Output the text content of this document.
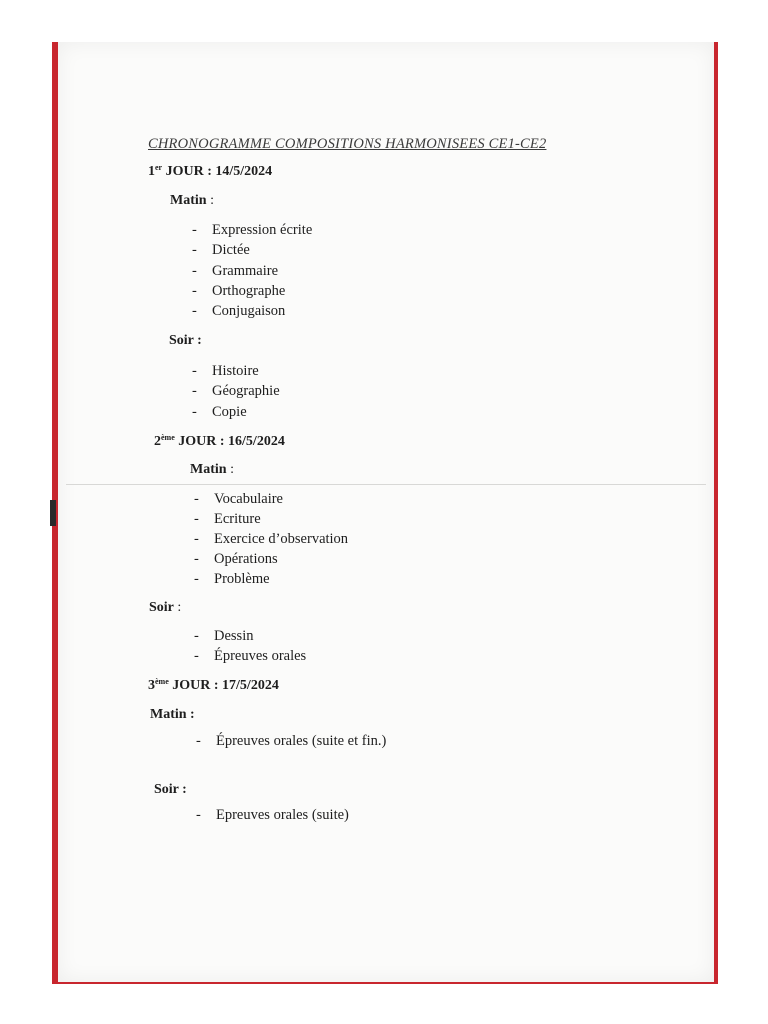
CHRONOGRAMME COMPOSITIONS HARMONISEES CE1-CE2
1er JOUR : 14/5/2024
Matin :
- Expression écrite
- Dictée
- Grammaire
- Orthographe
- Conjugaison
Soir :
- Histoire
- Géographie
- Copie
2ème JOUR : 16/5/2024
Matin :
- Vocabulaire
- Ecriture
- Exercice d’observation
- Opérations
- Problème
Soir :
- Dessin
- Épreuves orales
3ème JOUR : 17/5/2024
Matin :
- Épreuves orales (suite et fin.)
Soir :
- Epreuves orales (suite)
